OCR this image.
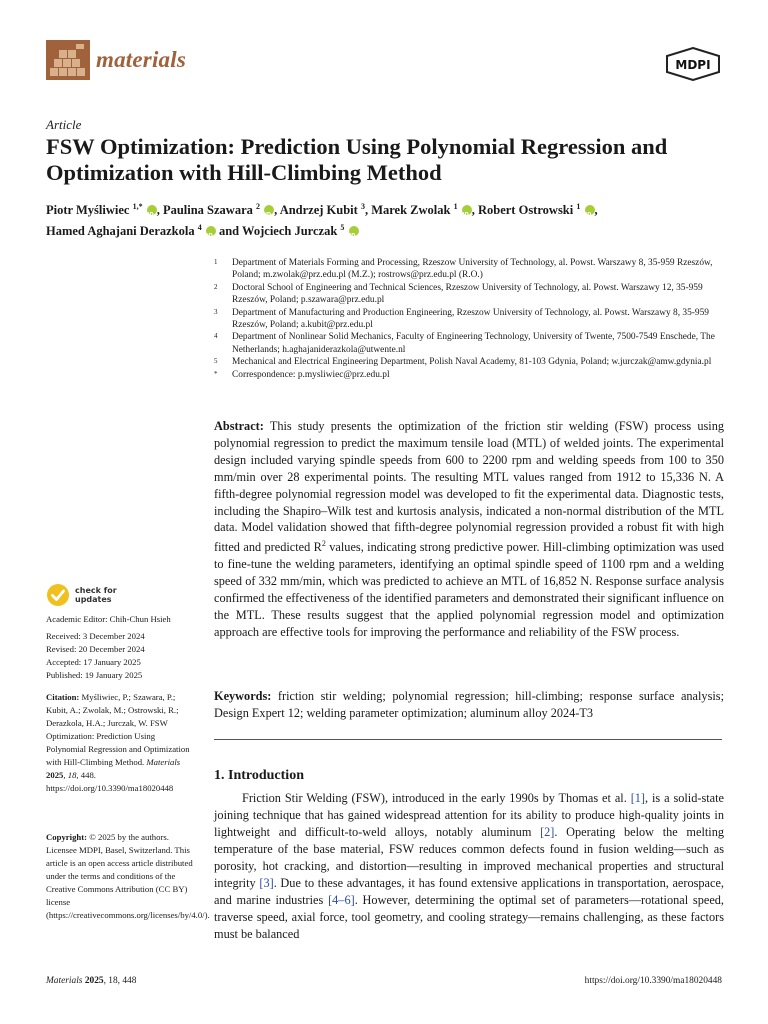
materials	MDPI
Article
FSW Optimization: Prediction Using Polynomial Regression and Optimization with Hill-Climbing Method
Piotr Myśliwiec $^{1,*}$ iD , Paulina Szawara $^2$ iD , Andrzej Kubit $^3$, Marek Zwolak $^1$ iD , Robert Ostrowski $^1$ iD ,
Hamed Aghajani Derazkola $^4$ iD and Wojciech Jurczak $^5$ iD
1	Department of Materials Forming and Processing, Rzeszow University of Technology, al. Powst. Warszawy 8, 35-959 Rzeszów, Poland; m.zwolak@prz.edu.pl (M.Z.); rostrows@prz.edu.pl (R.O.)
2	Doctoral School of Engineering and Technical Sciences, Rzeszow University of Technology, al. Powst. Warszawy 12, 35-959 Rzeszów, Poland; p.szawara@prz.edu.pl
3	Department of Manufacturing and Production Engineering, Rzeszow University of Technology, al. Powst. Warszawy 8, 35-959 Rzeszów, Poland; a.kubit@prz.edu.pl
4	Department of Nonlinear Solid Mechanics, Faculty of Engineering Technology, University of Twente, 7500-7549 Enschede, The Netherlands; h.aghajaniderazkola@utwente.nl
5	Mechanical and Electrical Engineering Department, Polish Naval Academy, 81-103 Gdynia, Poland; w.jurczak@amw.gdynia.pl
*	Correspondence: p.mysliwiec@prz.edu.pl

Abstract: This study presents the optimization of the friction stir welding (FSW) process using polynomial regression to predict the maximum tensile load (MTL) of welded joints. The experimental design included varying spindle speeds from 600 to 2200 rpm and welding speeds from 100 to 350 mm/min over 28 experimental points. The resulting MTL values ranged from 1912 to 15,336 N. A fifth-degree polynomial regression model was developed to fit the experimental data. Diagnostic tests, including the Shapiro–Wilk test and kurtosis analysis, indicated a non-normal distribution of the MTL data. Model validation showed that fifth-degree polynomial regression provided a robust fit with high fitted and predicted $R^2$ values, indicating strong predictive power. Hill-climbing optimization was used to fine-tune the welding parameters, identifying an optimal spindle speed of 1100 rpm and a welding speed of 332 mm/min, which was predicted to achieve an MTL of 16,852 N. Response surface analysis confirmed the effectiveness of the identified parameters and demonstrated their significant influence on the MTL. These results suggest that the applied polynomial regression model and optimization approach are effective tools for improving the performance and reliability of the FSW process.

Keywords: friction stir welding; polynomial regression; hill-climbing; response surface analysis; Design Expert 12; welding parameter optimization; aluminum alloy 2024-T3

1. Introduction

Friction Stir Welding (FSW), introduced in the early 1990s by Thomas et al. [1], is a solid-state joining technique that has gained widespread attention for its ability to produce high-quality joints in lightweight and difficult-to-weld alloys, notably aluminum [2]. Operating below the melting temperature of the base material, FSW reduces common defects found in fusion welding—such as porosity, hot cracking, and distortion—resulting in improved mechanical properties and structural integrity [3]. Due to these advantages, it has found extensive applications in transportation, aerospace, and marine industries [4–6]. However, determining the optimal set of parameters—rotational speed, traverse speed, axial force, tool geometry, and cooling strategy—remains challenging, as these factors must be balanced

check for
updates
Academic Editor: Chih-Chun Hsieh
Received: 3 December 2024
Revised: 20 December 2024
Accepted: 17 January 2025
Published: 19 January 2025
Citation: Myśliwiec, P.; Szawara, P.; Kubit, A.; Zwolak, M.; Ostrowski, R.; Derazkola, H.A.; Jurczak, W. FSW Optimization: Prediction Using Polynomial Regression and Optimization with Hill-Climbing Method. Materials 2025, 18, 448. https://doi.org/10.3390/ma18020448
Copyright: © 2025 by the authors. Licensee MDPI, Basel, Switzerland. This article is an open access article distributed under the terms and conditions of the Creative Commons Attribution (CC BY) license (https://creativecommons.org/licenses/by/4.0/).
Materials 2025, 18, 448	https://doi.org/10.3390/ma18020448
